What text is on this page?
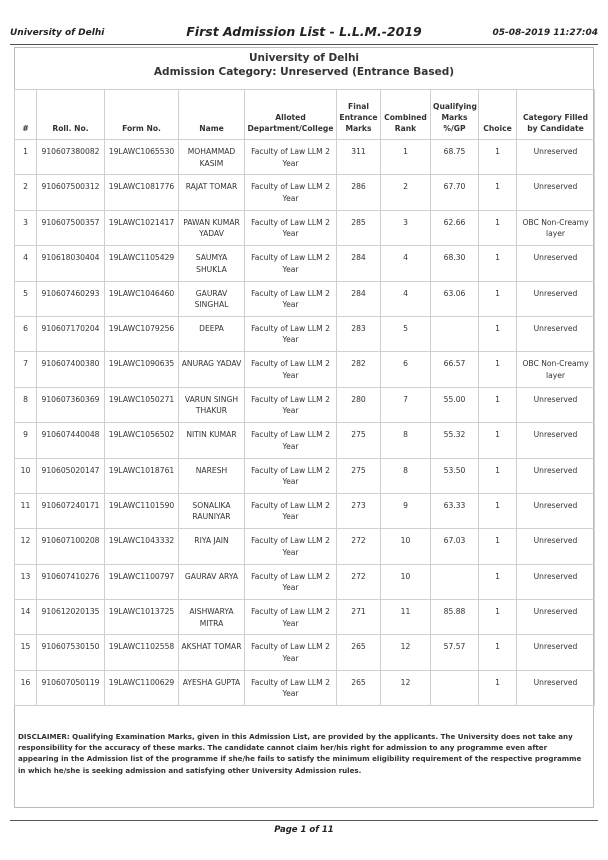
University of Delhi	First Admission List - L.L.M.-2019	05-08-2019 11:27:04
University of Delhi
Admission Category: Unreserved (Entrance Based)
#	Roll. No.	Form No.	Name	Alloted Department/College	Final Entrance Marks	Combined Rank	Qualifying Marks %/GP	Choice	Category Filled by Candidate
1	910607380082	19LAWC1065530	MOHAMMAD KASIM	Faculty of Law LLM 2 Year	311	1	68.75	1	Unreserved
2	910607500312	19LAWC1081776	RAJAT TOMAR	Faculty of Law LLM 2 Year	286	2	67.70	1	Unreserved
3	910607500357	19LAWC1021417	PAWAN KUMAR YADAV	Faculty of Law LLM 2 Year	285	3	62.66	1	OBC Non-Creamy layer
4	910618030404	19LAWC1105429	SAUMYA SHUKLA	Faculty of Law LLM 2 Year	284	4	68.30	1	Unreserved
5	910607460293	19LAWC1046460	GAURAV SINGHAL	Faculty of Law LLM 2 Year	284	4	63.06	1	Unreserved
6	910607170204	19LAWC1079256	DEEPA	Faculty of Law LLM 2 Year	283	5		1	Unreserved
7	910607400380	19LAWC1090635	ANURAG YADAV	Faculty of Law LLM 2 Year	282	6	66.57	1	OBC Non-Creamy layer
8	910607360369	19LAWC1050271	VARUN SINGH THAKUR	Faculty of Law LLM 2 Year	280	7	55.00	1	Unreserved
9	910607440048	19LAWC1056502	NITIN KUMAR	Faculty of Law LLM 2 Year	275	8	55.32	1	Unreserved
10	910605020147	19LAWC1018761	NARESH	Faculty of Law LLM 2 Year	275	8	53.50	1	Unreserved
11	910607240171	19LAWC1101590	SONALIKA RAUNIYAR	Faculty of Law LLM 2 Year	273	9	63.33	1	Unreserved
12	910607100208	19LAWC1043332	RIYA JAIN	Faculty of Law LLM 2 Year	272	10	67.03	1	Unreserved
13	910607410276	19LAWC1100797	GAURAV ARYA	Faculty of Law LLM 2 Year	272	10		1	Unreserved
14	910612020135	19LAWC1013725	AISHWARYA MITRA	Faculty of Law LLM 2 Year	271	11	85.88	1	Unreserved
15	910607530150	19LAWC1102558	AKSHAT TOMAR	Faculty of Law LLM 2 Year	265	12	57.57	1	Unreserved
16	910607050119	19LAWC1100629	AYESHA GUPTA	Faculty of Law LLM 2 Year	265	12		1	Unreserved
DISCLAIMER: Qualifying Examination Marks, given in this Admission List, are provided by the applicants. The University does not take any responsibility for the accuracy of these marks. The candidate cannot claim her/his right for admission to any programme even after appearing in the Admission list of the programme if she/he fails to satisfy the minimum eligibility requirement of the respective programme in which he/she is seeking admission and satisfying other University Admission rules.
Page 1 of 11
